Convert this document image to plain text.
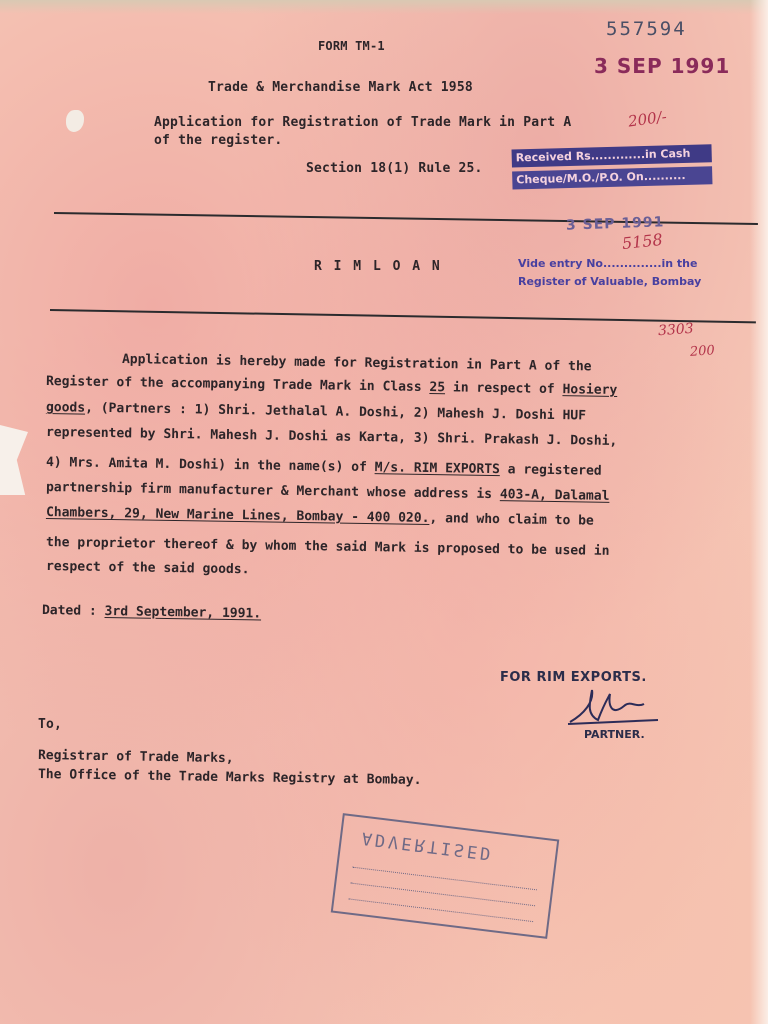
557594
3 SEP 1991
FORM TM-1
Trade & Merchandise Mark Act 1958
Application for Registration of Trade Mark in Part A
of the register.
Section 18(1) Rule 25.
200/-
Received Rs.............in Cash
Cheque/M.O./P.O. On..........
3 SEP 1991
5158
R I M L O A N	Vide entry No..............in the
Register of Valuable, Bombay
3303
200
Application is hereby made for Registration in Part A of the
Register of the accompanying Trade Mark in Class 25 in respect of Hosiery
goods, (Partners : 1) Shri. Jethalal A. Doshi, 2) Mahesh J. Doshi HUF
represented by Shri. Mahesh J. Doshi as Karta, 3) Shri. Prakash J. Doshi,
4) Mrs. Amita M. Doshi) in the name(s) of M/s. RIM EXPORTS a registered
partnership firm manufacturer & Merchant whose address is 403-A, Dalamal
Chambers, 29, New Marine Lines, Bombay - 400 020., and who claim to be
the proprietor thereof & by whom the said Mark is proposed to be used in
respect of the said goods.
Dated : 3rd September, 1991.
FOR RIM EXPORTS.
PARTNER.
To,
Registrar of Trade Marks,
The Office of the Trade Marks Registry at Bombay.
ADVERTISED
